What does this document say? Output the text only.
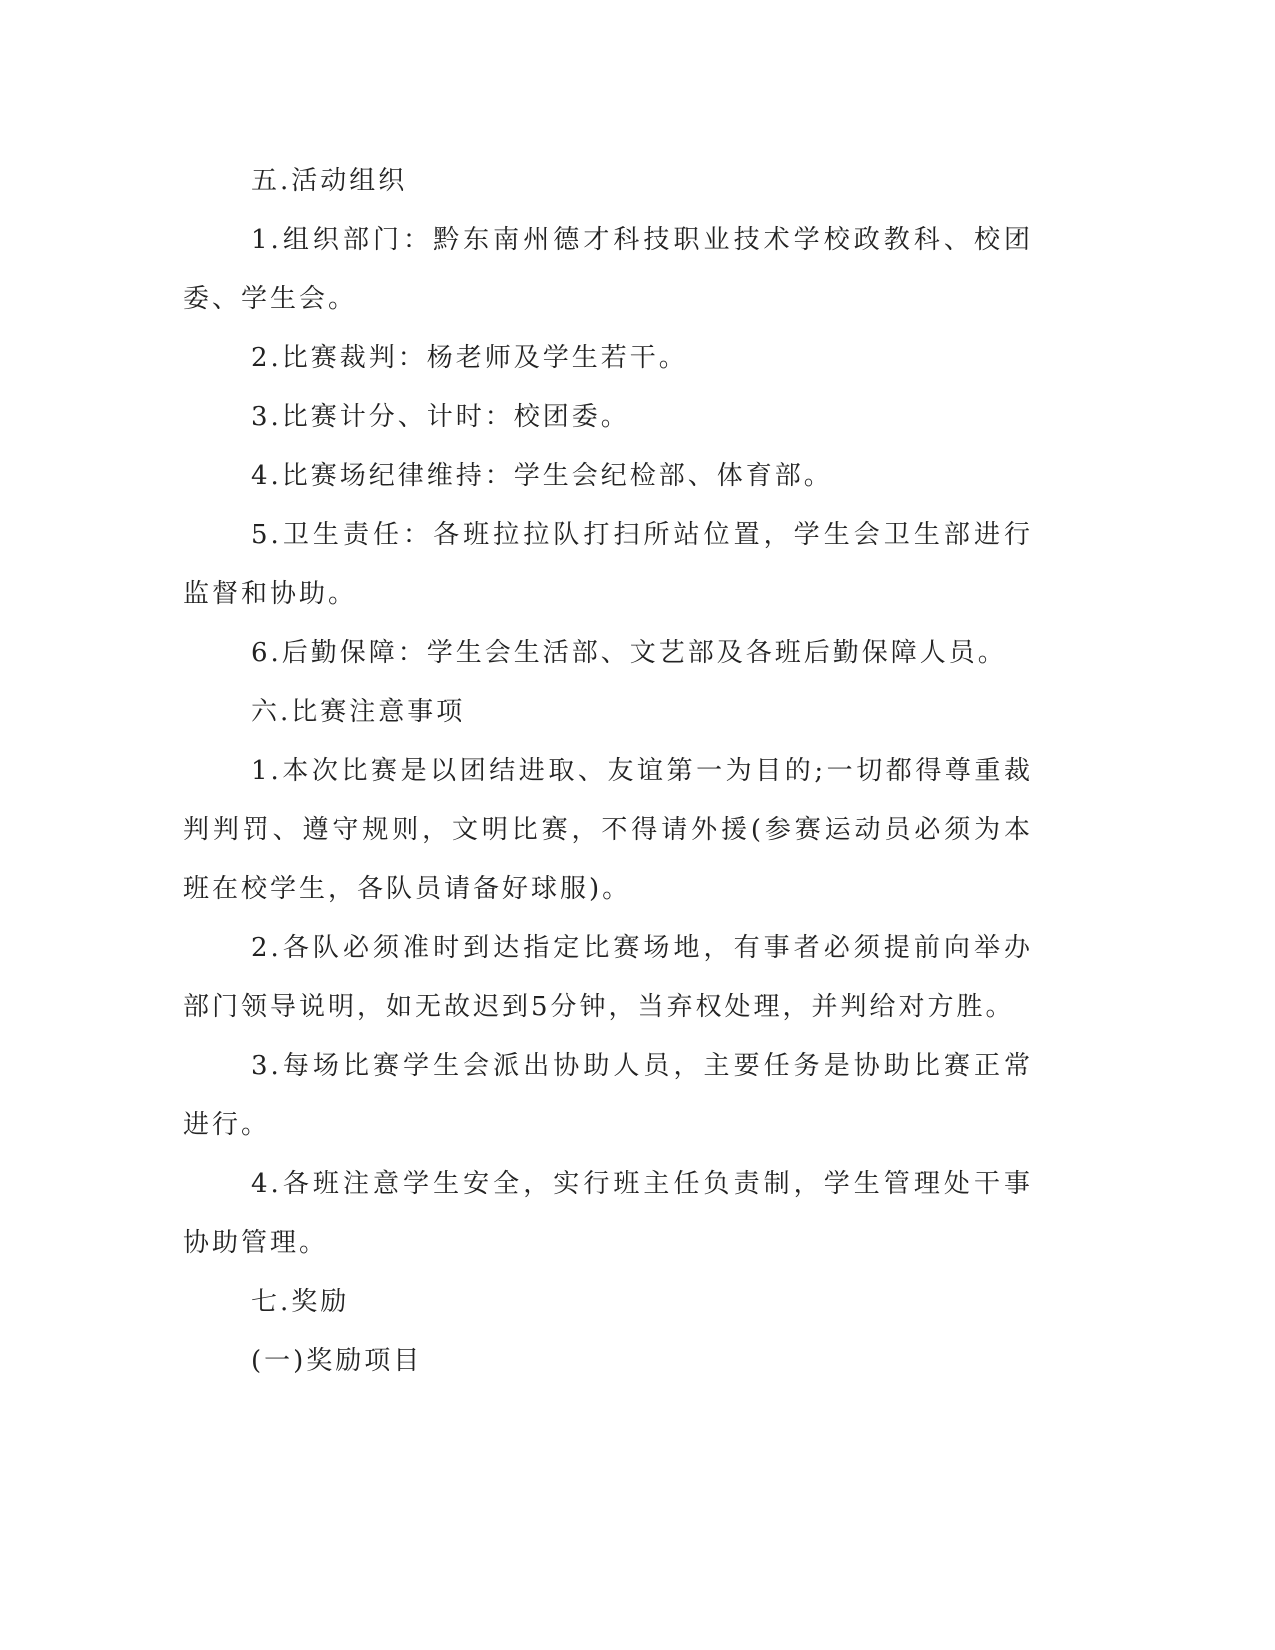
五.活动组织

1.组织部门：黔东南州德才科技职业技术学校政教科、校团委、学生会。

2.比赛裁判：杨老师及学生若干。

3.比赛计分、计时：校团委。

4.比赛场纪律维持：学生会纪检部、体育部。

5.卫生责任：各班拉拉队打扫所站位置，学生会卫生部进行监督和协助。

6.后勤保障：学生会生活部、文艺部及各班后勤保障人员。

六.比赛注意事项

1.本次比赛是以团结进取、友谊第一为目的;一切都得尊重裁判判罚、遵守规则，文明比赛，不得请外援(参赛运动员必须为本班在校学生，各队员请备好球服)。

2.各队必须准时到达指定比赛场地，有事者必须提前向举办部门领导说明，如无故迟到5分钟，当弃权处理，并判给对方胜。

3.每场比赛学生会派出协助人员，主要任务是协助比赛正常进行。

4.各班注意学生安全，实行班主任负责制，学生管理处干事协助管理。

七.奖励

(一)奖励项目
